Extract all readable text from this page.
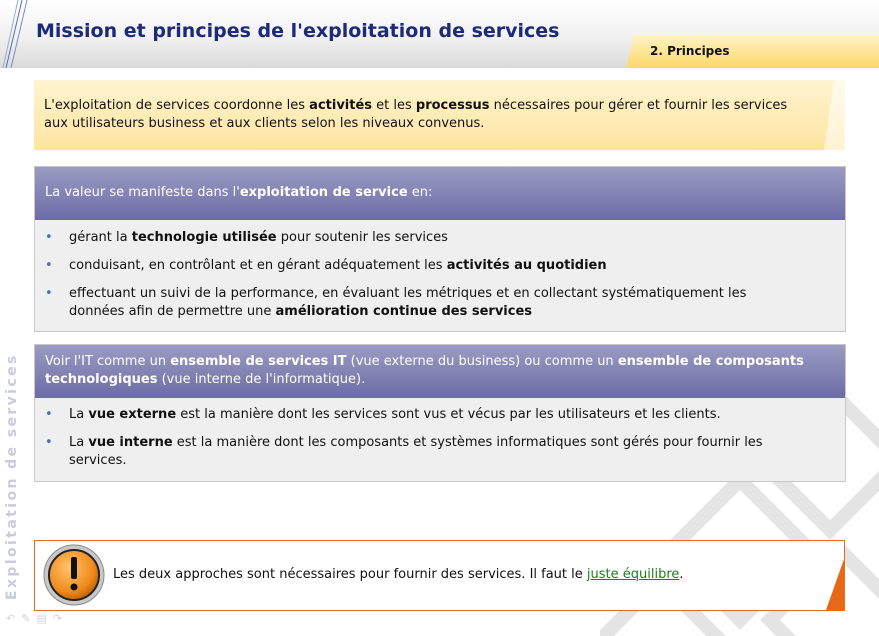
Mission et principes de l'exploitation de services
2. Principes
Exploitation de services
↶✎▤↷
L'exploitation de services coordonne les activités et les processus nécessaires pour gérer et fournir les services aux utilisateurs business et aux clients selon les niveaux convenus.
La valeur se manifeste dans l'exploitation de service en:
• gérant la technologie utilisée pour soutenir les services
• conduisant, en contrôlant et en gérant adéquatement les activités au quotidien
• effectuant un suivi de la performance, en évaluant les métriques et en collectant systématiquement les données afin de permettre une amélioration continue des services
Voir l'IT comme un ensemble de services IT (vue externe du business) ou comme un ensemble de composants technologiques (vue interne de l'informatique).
• La vue externe est la manière dont les services sont vus et vécus par les utilisateurs et les clients.
• La vue interne est la manière dont les composants et systèmes informatiques sont gérés pour fournir les services.
Les deux approches sont nécessaires pour fournir des services. Il faut le juste équilibre.
